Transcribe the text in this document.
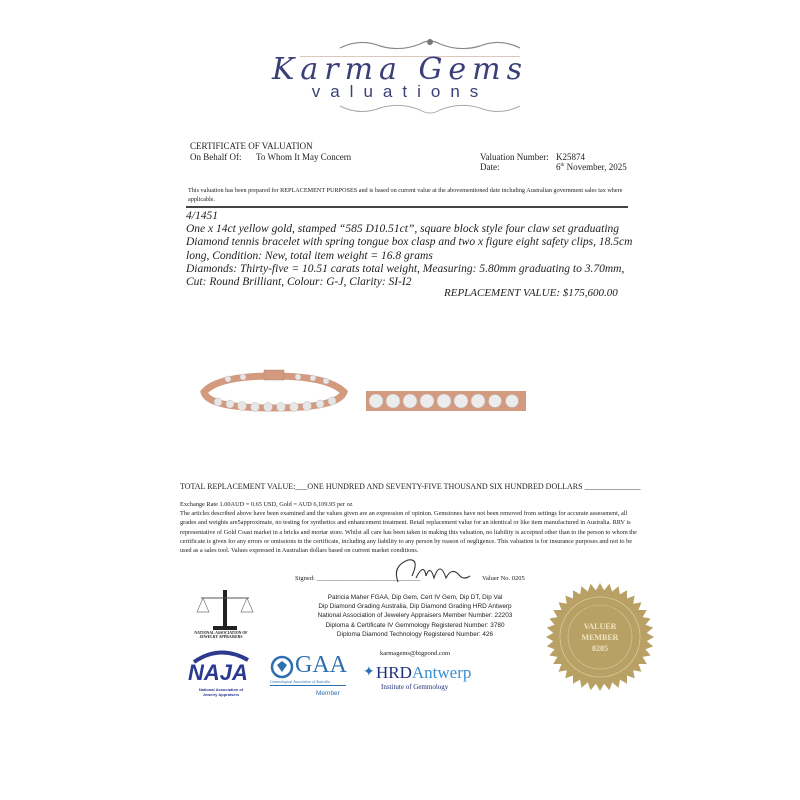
Karma Gems
valuations
CERTIFICATE OF VALUATION
On Behalf Of: To Whom It May Concern	Valuation Number: K25874
Date:	6th November, 2025
This valuation has been prepared for REPLACEMENT PURPOSES and is based on current value at the abovementioned date including Australian government sales tax where applicable.
4/1451
One x 14ct yellow gold, stamped “585 D10.51ct”, square block style four claw set graduating Diamond tennis bracelet with spring tongue box clasp and two x figure eight safety clips, 18.5cm long, Condition: New, total item weight = 16.8 grams
Diamonds: Thirty-five = 10.51 carats total weight, Measuring: 5.80mm graduating to 3.70mm, Cut: Round Brilliant, Colour: G-J, Clarity: SI-I2
REPLACEMENT VALUE: $175,600.00
TOTAL REPLACEMENT VALUE:___ONE HUNDRED AND SEVENTY-FIVE THOUSAND SIX HUNDRED DOLLARS ______________
Exchange Rate 1.00AUD = 0.65 USD, Gold = AUD 6,109.95 per oz
The articles described above have been examined and the values given are an expression of opinion. Gemstones have not been removed from settings for accurate assessment, all grades and weights are5approximate, no testing for synthetics and enhancement treatment. Retail replacement value for an identical or like item manufactured in Australia. RRV is representative of Gold Coast market in a bricks and mortar store. Whilst all care has been taken in making this valuation, no liability is accepted other than to the person to whom the certificate is given for any errors or omissions in the certificate, including any liability to any person by reason of negligence. This valuation is for insurance purposes and not to be used as a sales tool. Values expressed in Australian dollars based on current market conditions.
Signed: ________________________________	Valuer No. 0205
Patricia Maher FGAA, Dip Gem, Cert IV Gem, Dip DT, Dip Val
Dip Diamond Grading Australia, Dip Diamond Grading HRD Antwerp
National Association of Jewelery Appraisers Member Number: 22203
Diploma & Certificate IV Gemmology Registered Number: 3780
Diploma Diamond Technology Registered Number: 426
karmagems@bigpond.com
NATIONAL ASSOCIATION OF JEWELRY APPRAISERS
NAJA
National Association of Jewelry Appraisers
GAA
Gemmological Association of Australia
Member
✦ HRDAntwerp
Institute of Gemmology
VALUER
MEMBER
0205
